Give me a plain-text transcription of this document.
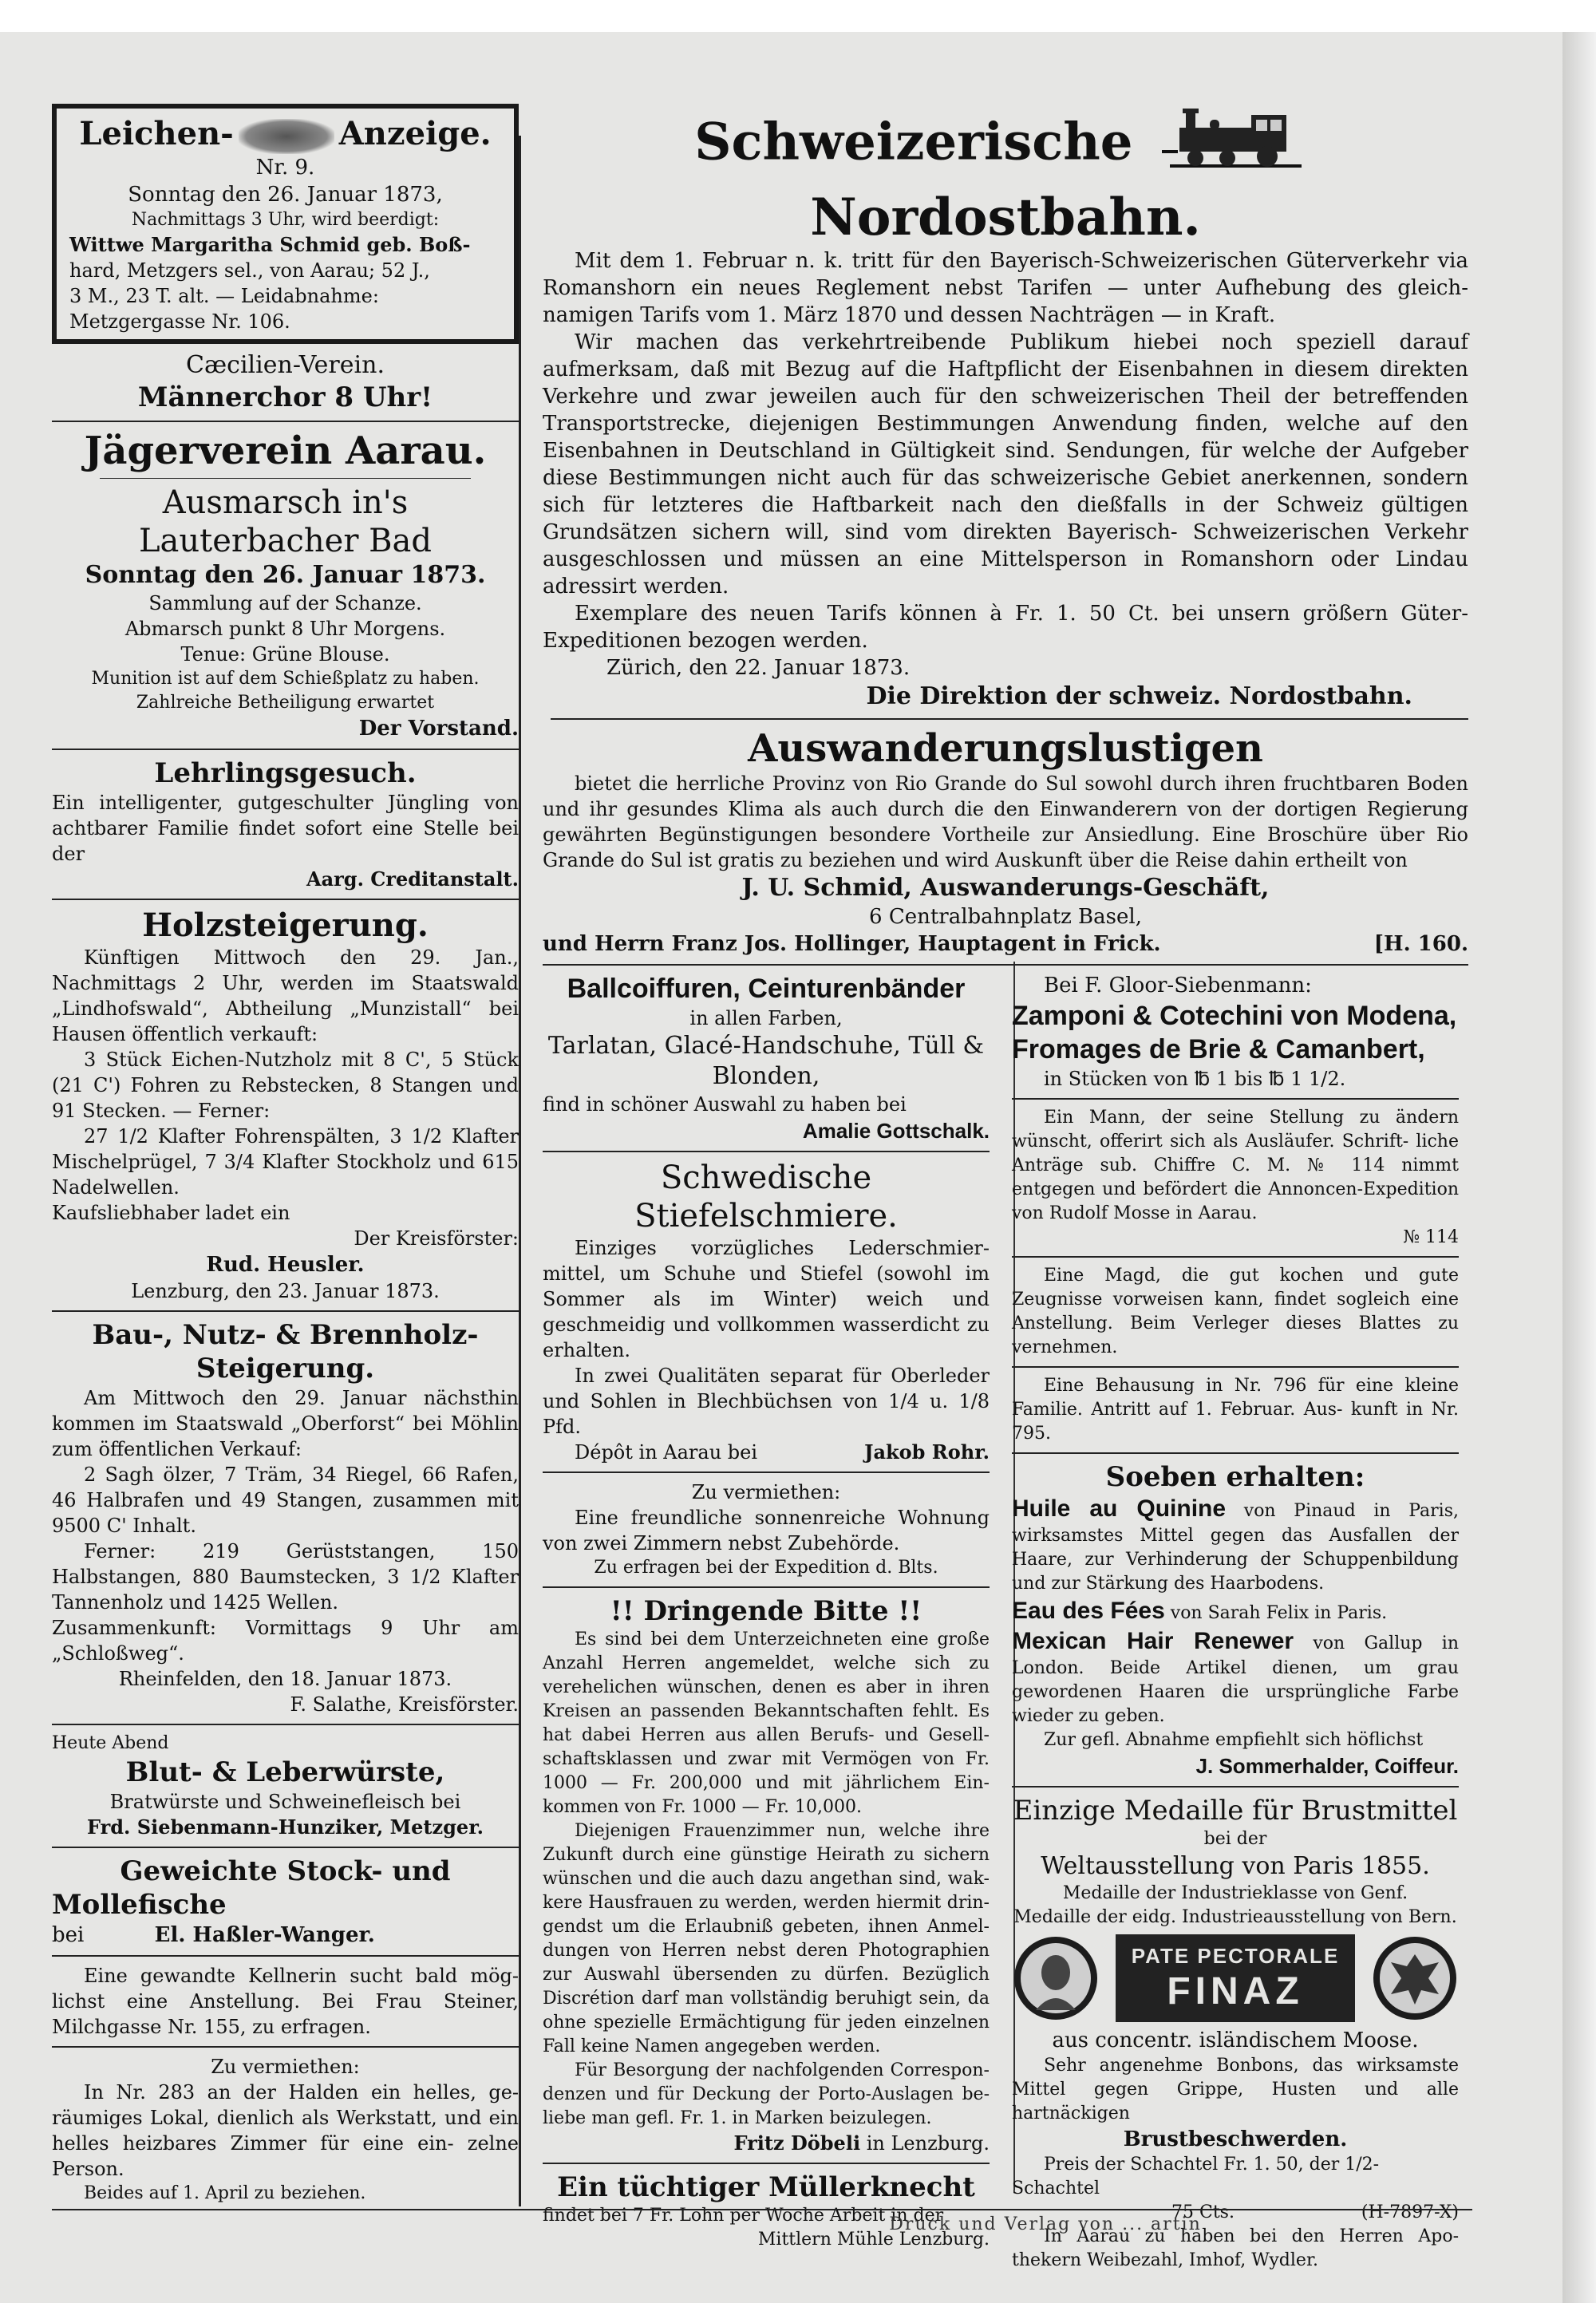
Leichen-	Anzeige.

Nr. 9.

Sonntag den 26. Januar 1873,

Nachmittags 3 Uhr, wird beerdigt:

Wittwe Margaritha Schmid geb. Boß-

hard, Metzgers sel., von Aarau; 52 J.,

3 M., 23 T. alt. — Leidabnahme:

Metzgergasse Nr. 106.

Cæcilien-Verein.

Männerchor 8 Uhr!

Jägerverein Aarau.

Ausmarsch in's Lauterbacher Bad

Sonntag den 26. Januar 1873.

Sammlung auf der Schanze.

Abmarsch punkt 8 Uhr Morgens.

Tenue: Grüne Blouse.

Munition ist auf dem Schießplatz zu haben.

Zahlreiche Betheiligung erwartet

Der Vorstand.

Lehrlingsgesuch.

Ein intelligenter, gutgeschulter Jüngling von achtbarer Familie findet sofort eine Stelle bei der

Aarg. Creditanstalt.

Holzsteigerung.

Künftigen Mittwoch den 29. Jan., Nachmittags 2 Uhr, werden im Staatswald „Lindhofswald“, Abtheilung „Munzistall“ bei Hausen öffentlich verkauft:

3 Stück Eichen-Nutzholz mit 8 C', 5 Stück (21 C') Fohren zu Rebstecken, 8 Stangen und 91 Stecken. — Ferner:

27 1/2 Klafter Fohrenspälten, 3 1/2 Klafter Mischelprügel, 7 3/4 Klafter Stockholz und 615 Nadelwellen.

Kaufsliebhaber ladet ein

Der Kreisförster:

Rud. Heusler.

Lenzburg, den 23. Januar 1873.

Bau-, Nutz- & Brennholz-

Steigerung.

Am Mittwoch den 29. Januar nächsthin kommen im Staatswald „Oberforst“ bei Möhlin zum öffentlichen Verkauf:

2 Sagh ölzer, 7 Träm, 34 Riegel, 66 Rafen, 46 Halbrafen und 49 Stangen, zusammen mit 9500 C' Inhalt.

Ferner: 219 Gerüststangen, 150 Halbstangen, 880 Baumstecken, 3 1/2 Klafter Tannenholz und 1425 Wellen.

Zusammenkunft: Vormittags 9 Uhr am „Schloßweg“.

Rheinfelden, den 18. Januar 1873.

F. Salathe, Kreisförster.

Heute Abend

Blut- & Leberwürste,

Bratwürste und Schweinefleisch bei

Frd. Siebenmann-Hunziker, Metzger.

Geweichte Stock- und

Mollefische

bei	El. Haßler-Wanger.

Eine gewandte Kellnerin sucht bald mög- lichst eine Anstellung. Bei Frau Steiner, Milchgasse Nr. 155, zu erfragen.

Zu vermiethen:

In Nr. 283 an der Halden ein helles, ge- räumiges Lokal, dienlich als Werkstatt, und ein helles heizbares Zimmer für eine ein- zelne Person.

Beides auf 1. April zu beziehen.

Schweizerische  Nordostbahn.

Mit dem 1. Februar n. k. tritt für den Bayerisch-Schweizerischen Güterverkehr via Romanshorn ein neues Reglement nebst Tarifen — unter Aufhebung des gleich- namigen Tarifs vom 1. März 1870 und dessen Nachträgen — in Kraft.

Wir machen das verkehrtreibende Publikum hiebei noch speziell darauf aufmerksam, daß mit Bezug auf die Haftpflicht der Eisenbahnen in diesem direkten Verkehre und zwar jeweilen auch für den schweizerischen Theil der betreffenden Transportstrecke, diejenigen Bestimmungen Anwendung finden, welche auf den Eisenbahnen in Deutschland in Gültigkeit sind. Sendungen, für welche der Aufgeber diese Bestimmungen nicht auch für das schweizerische Gebiet anerkennen, sondern sich für letzteres die Haftbarkeit nach den dießfalls in der Schweiz gültigen Grundsätzen sichern will, sind vom direkten Bayerisch- Schweizerischen Verkehr ausgeschlossen und müssen an eine Mittelsperson in Romanshorn oder Lindau adressirt werden.

Exemplare des neuen Tarifs können à Fr. 1. 50 Ct. bei unsern größern Güter- Expeditionen bezogen werden.

Zürich, den 22. Januar 1873.

Die Direktion der schweiz. Nordostbahn.

Auswanderungslustigen

bietet die herrliche Provinz von Rio Grande do Sul sowohl durch ihren fruchtbaren Boden und ihr gesundes Klima als auch durch die den Einwanderern von der dortigen Regierung gewährten Begünstigungen besondere Vortheile zur Ansiedlung. Eine Broschüre über Rio Grande do Sul ist gratis zu beziehen und wird Auskunft über die Reise dahin ertheilt von

J. U. Schmid, Auswanderungs-Geschäft,

6 Centralbahnplatz Basel,

und Herrn Franz Jos. Hollinger, Hauptagent in Frick.	[H. 160.

Ballcoiffuren, Ceinturenbänder

in allen Farben,

Tarlatan, Glacé-Handschuhe, Tüll & Blonden,

find in schöner Auswahl zu haben bei

Amalie Gottschalk.

Schwedische Stiefelschmiere.

Einziges vorzügliches Lederschmier- mittel, um Schuhe und Stiefel (sowohl im Sommer als im Winter) weich und geschmeidig und vollkommen wasserdicht zu erhalten.

In zwei Qualitäten separat für Oberleder und Sohlen in Blechbüchsen von 1/4 u. 1/8 Pfd.

Dépôt in Aarau bei	Jakob Rohr.

Zu vermiethen:

Eine freundliche sonnenreiche Wohnung von zwei Zimmern nebst Zubehörde.

Zu erfragen bei der Expedition d. Blts.

!! Dringende Bitte !!

Es sind bei dem Unterzeichneten eine große Anzahl Herren angemeldet, welche sich zu verehelichen wünschen, denen es aber in ihren Kreisen an passenden Bekanntschaften fehlt. Es hat dabei Herren aus allen Berufs- und Gesell- schaftsklassen und zwar mit Vermögen von Fr. 1000 — Fr. 200,000 und mit jährlichem Ein- kommen von Fr. 1000 — Fr. 10,000.

Diejenigen Frauenzimmer nun, welche ihre Zukunft durch eine günstige Heirath zu sichern wünschen und die auch dazu angethan sind, wak- kere Hausfrauen zu werden, werden hiermit drin- gendst um die Erlaubniß gebeten, ihnen Anmel- dungen von Herren nebst deren Photographien zur Auswahl übersenden zu dürfen. Bezüglich Discrétion darf man vollständig beruhigt sein, da ohne spezielle Ermächtigung für jeden einzelnen Fall keine Namen angegeben werden.

Für Besorgung der nachfolgenden Correspon- denzen und für Deckung der Porto-Auslagen be- liebe man gefl. Fr. 1. in Marken beizulegen.

Fritz Döbeli in Lenzburg.

Ein tüchtiger Müllerknecht

findet bei 7 Fr. Lohn per Woche Arbeit in der

Mittlern Mühle Lenzburg.

Bei F. Gloor-Siebenmann:

Zamponi & Cotechini von Modena,

Fromages de Brie & Camanbert,

in Stücken von ℔ 1 bis ℔ 1 1/2.

Ein Mann, der seine Stellung zu ändern wünscht, offerirt sich als Ausläufer. Schrift- liche Anträge sub. Chiffre C. M. № 114 nimmt entgegen und befördert die Annoncen-Expedition von Rudolf Mosse in Aarau.

№ 114

Eine Magd, die gut kochen und gute Zeugnisse vorweisen kann, findet sogleich eine Anstellung. Beim Verleger dieses Blattes zu vernehmen.

Eine Behausung in Nr. 796 für eine kleine Familie. Antritt auf 1. Februar. Aus- kunft in Nr. 795.

Soeben erhalten:

Huile au Quinine von Pinaud in Paris, wirksamstes Mittel gegen das Ausfallen der Haare, zur Verhinderung der Schuppenbildung und zur Stärkung des Haarbodens.

Eau des Fées von Sarah Felix in Paris.

Mexican Hair Renewer von Gallup in London. Beide Artikel dienen, um grau gewordenen Haaren die ursprüngliche Farbe wieder zu geben.

Zur gefl. Abnahme empfiehlt sich höflichst

J. Sommerhalder, Coiffeur.

Einzige Medaille für Brustmittel

bei der

Weltausstellung von Paris 1855.

Medaille der Industrieklasse von Genf.

Medaille der eidg. Industrieausstellung von Bern.

PATE PECTORALE

FINAZ

aus concentr. isländischem Moose.

Sehr angenehme Bonbons, das wirksamste Mittel gegen Grippe, Husten und alle hartnäckigen

Brustbeschwerden.

Preis der Schachtel Fr. 1. 50, der 1/2-Schachtel

75 Cts.	(H-7897-X)

In Aarau zu haben bei den Herren Apo- thekern Weibezahl, Imhof, Wydler.

Druck und Verlag von ... artin
